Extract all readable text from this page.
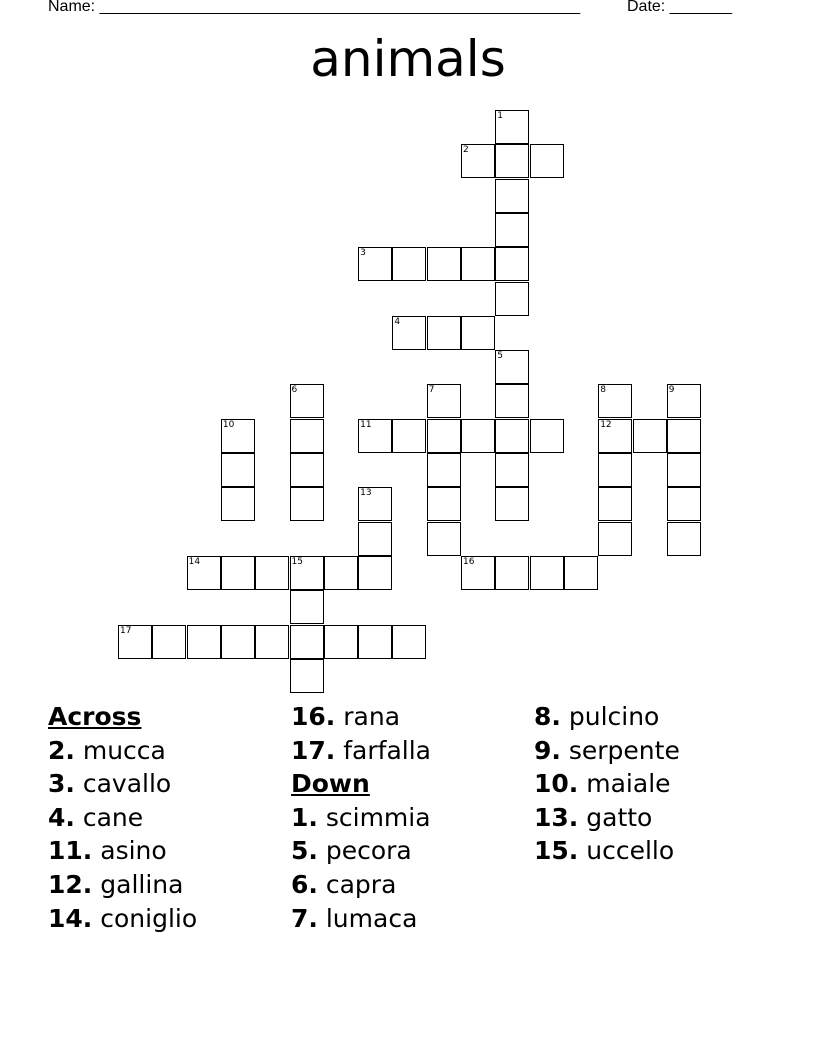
Name: ______________________________________________________	Date: _______
animals
1
2
3
4
5
6	7	8
12
9
10	11
13
14	15	16
17
Across
2. mucca
3. cavallo
4. cane
11. asino
12. gallina
14. coniglio
16. rana
17. farfalla
Down
1. scimmia
5. pecora
6. capra
7. lumaca
8. pulcino
9. serpente
10. maiale
13. gatto
15. uccello
